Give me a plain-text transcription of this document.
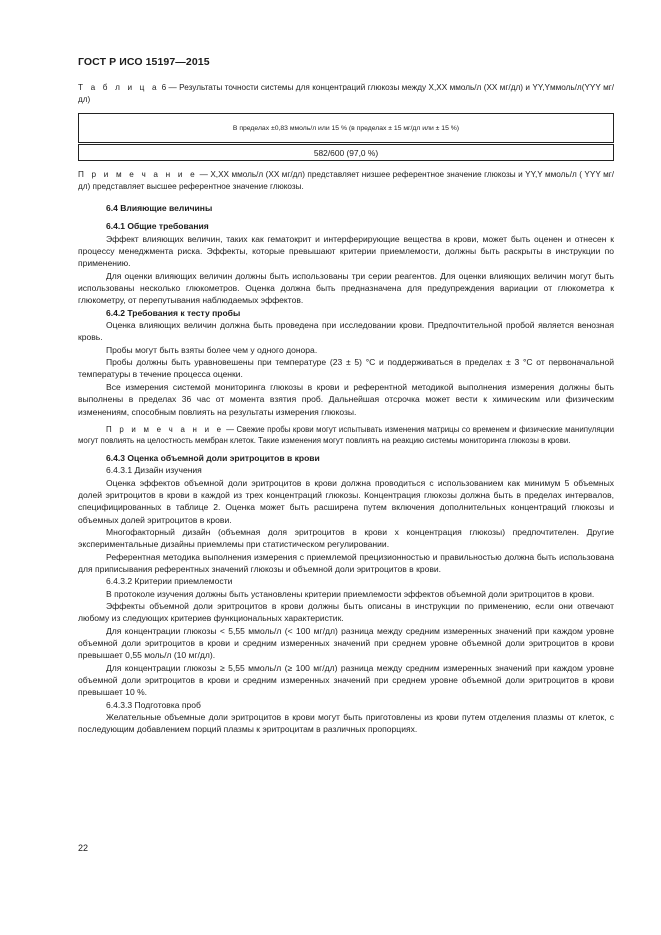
ГОСТ Р ИСО 15197—2015

Т а б л и ц а 6 — Результаты точности системы для концентраций глюкозы между Х,ХХ ммоль/л (ХХ мг/дл) и YY,Yммоль/л(YYY мг/дл)

В пределах ±0,83 ммоль/л или 15 % (в пределах ± 15 мг/дл или ± 15 %)
582/600 (97,0 %)

П р и м е ч а н и е — Х,ХХ ммоль/л (ХХ мг/дл) представляет низшее референтное значение глюкозы и YY,Y ммоль/л ( YYY мг/дл) представляет высшее референтное значение глюкозы.

6.4 Влияющие величины

6.4.1 Общие требования

Эффект влияющих величин, таких как гематокрит и интерферирующие вещества в крови, может быть оценен и отнесен к процессу менеджмента риска. Эффекты, которые превышают критерии приемлемости, должны быть раскрыты в инструкции по применению.

Для оценки влияющих величин должны быть использованы три серии реагентов. Для оценки влияющих величин могут быть использованы несколько глюкометров. Оценка должна быть предназначена для предупреждения вариации от глюкометра к глюкометру, от перепутывания наблюдаемых эффектов.

6.4.2 Требования к тесту пробы

Оценка влияющих величин должна быть проведена при исследовании крови. Предпочтительной пробой является венозная кровь.

Пробы могут быть взяты более чем у одного донора.

Пробы должны быть уравновешены при температуре (23 ± 5) °С и поддерживаться в пределах ± 3 °С от первоначальной температуры в течение процесса оценки.

Все измерения системой мониторинга глюкозы в крови и референтной методикой выполнения измерения должны быть выполнены в пределах 36 час от момента взятия проб. Дальнейшая отсрочка может вести к химическим или физическим изменениям, способным повлиять на результаты измерения глюкозы.

П р и м е ч а н и е — Свежие пробы крови могут испытывать изменения матрицы со временем и физические манипуляции могут повлиять на целостность мембран клеток. Такие изменения могут повлиять на реакцию системы мониторинга глюкозы в крови.

6.4.3 Оценка объемной доли эритроцитов в крови

6.4.3.1 Дизайн изучения

Оценка эффектов объемной доли эритроцитов в крови должна проводиться с использованием как минимум 5 объемных долей эритроцитов в крови в каждой из трех концентраций глюкозы. Концентрация глюкозы должна быть в пределах интервалов, специфицированных в таблице 2. Оценка может быть расширена путем включения дополнительных концентраций глюкозы и объемных долей эритроцитов в крови.

Многофакторный дизайн (объемная доля эритроцитов в крови х концентрация глюкозы) предпочтителен. Другие экспериментальные дизайны приемлемы при статистическом регулировании.

Референтная методика выполнения измерения с приемлемой прецизионностью и правильностью должна быть использована для приписывания референтных значений глюкозы и объемной доли эритроцитов в крови.

6.4.3.2 Критерии приемлемости

В протоколе изучения должны быть установлены критерии приемлемости эффектов объемной доли эритроцитов в крови.

Эффекты объемной доли эритроцитов в крови должны быть описаны в инструкции по применению, если они отвечают любому из следующих критериев функциональных характеристик.

Для концентрации глюкозы < 5,55 ммоль/л (< 100 мг/дл) разница между средним измеренных значений при каждом уровне объемной доли эритроцитов в крови и средним измеренных значений при среднем уровне объемной доли эритроцитов в крови превышает 0,55 моль/л (10 мг/дл).

Для концентрации глюкозы ≥ 5,55 ммоль/л (≥ 100 мг/дл) разница между средним измеренных значений при каждом уровне объемной доли эритроцитов в крови и средним измеренных значений при среднем уровне объемной доли эритроцитов в крови превышает 10 %.

6.4.3.3 Подготовка проб

Желательные объемные доли эритроцитов в крови могут быть приготовлены из крови путем отделения плазмы от клеток, с последующим добавлением порций плазмы к эритроцитам в различных пропорциях.

22
